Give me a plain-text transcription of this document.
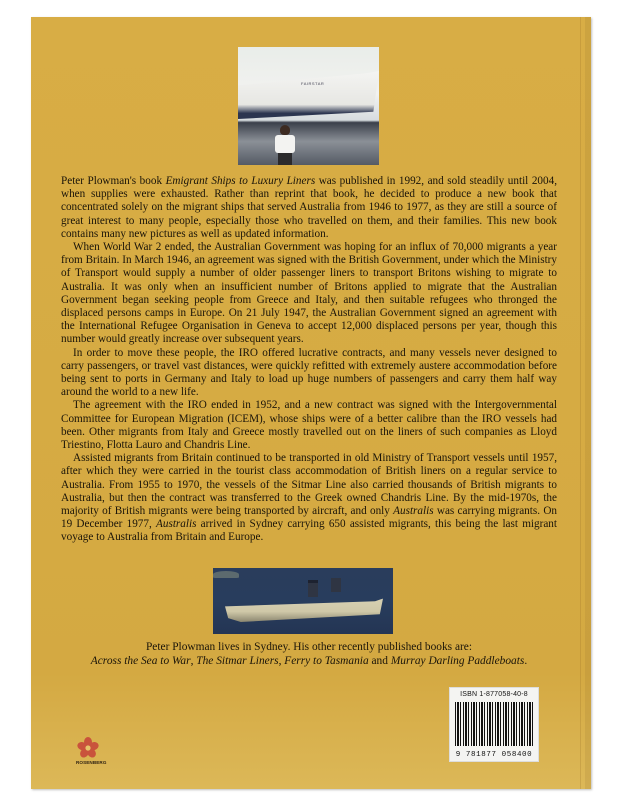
FAIRSTAR

Peter Plowman's book Emigrant Ships to Luxury Liners was published in 1992, and sold steadily until 2004, when supplies were exhausted. Rather than reprint that book, he decided to produce a new book that concentrated solely on the migrant ships that served Australia from 1946 to 1977, as they are still a source of great interest to many people, especially those who travelled on them, and their families. This new book contains many new pictures as well as updated information.

When World War 2 ended, the Australian Government was hoping for an influx of 70,000 migrants a year from Britain. In March 1946, an agreement was signed with the British Government, under which the Ministry of Transport would supply a number of older passenger liners to transport Britons wishing to migrate to Australia. It was only when an insufficient number of Britons applied to migrate that the Australian Government began seeking people from Greece and Italy, and then suitable refugees who thronged the displaced persons camps in Europe. On 21 July 1947, the Australian Government signed an agreement with the International Refugee Organisation in Geneva to accept 12,000 displaced persons per year, though this number would greatly increase over subsequent years.

In order to move these people, the IRO offered lucrative contracts, and many vessels never designed to carry passengers, or travel vast distances, were quickly refitted with extremely austere accommodation before being sent to ports in Germany and Italy to load up huge numbers of passengers and carry them half way around the world to a new life.

The agreement with the IRO ended in 1952, and a new contract was signed with the Intergovernmental Committee for European Migration (ICEM), whose ships were of a better calibre than the IRO vessels had been. Other migrants from Italy and Greece mostly travelled out on the liners of such companies as Lloyd Triestino, Flotta Lauro and Chandris Line.

Assisted migrants from Britain continued to be transported in old Ministry of Transport vessels until 1957, after which they were carried in the tourist class accommodation of British liners on a regular service to Australia. From 1955 to 1970, the vessels of the Sitmar Line also carried thousands of British migrants to Australia, but then the contract was transferred to the Greek owned Chandris Line. By the mid-1970s, the majority of British migrants were being transported by aircraft, and only Australis was carrying migrants. On 19 December 1977, Australis arrived in Sydney carrying 650 assisted migrants, this being the last migrant voyage to Australia from Britain and Europe.

Peter Plowman lives in Sydney. His other recently published books are:
Across the Sea to War, The Sitmar Liners, Ferry to Tasmania and Murray Darling Paddleboats.
ISBN 1-877058-40-8
9 781877 058400
ROSENBERG
